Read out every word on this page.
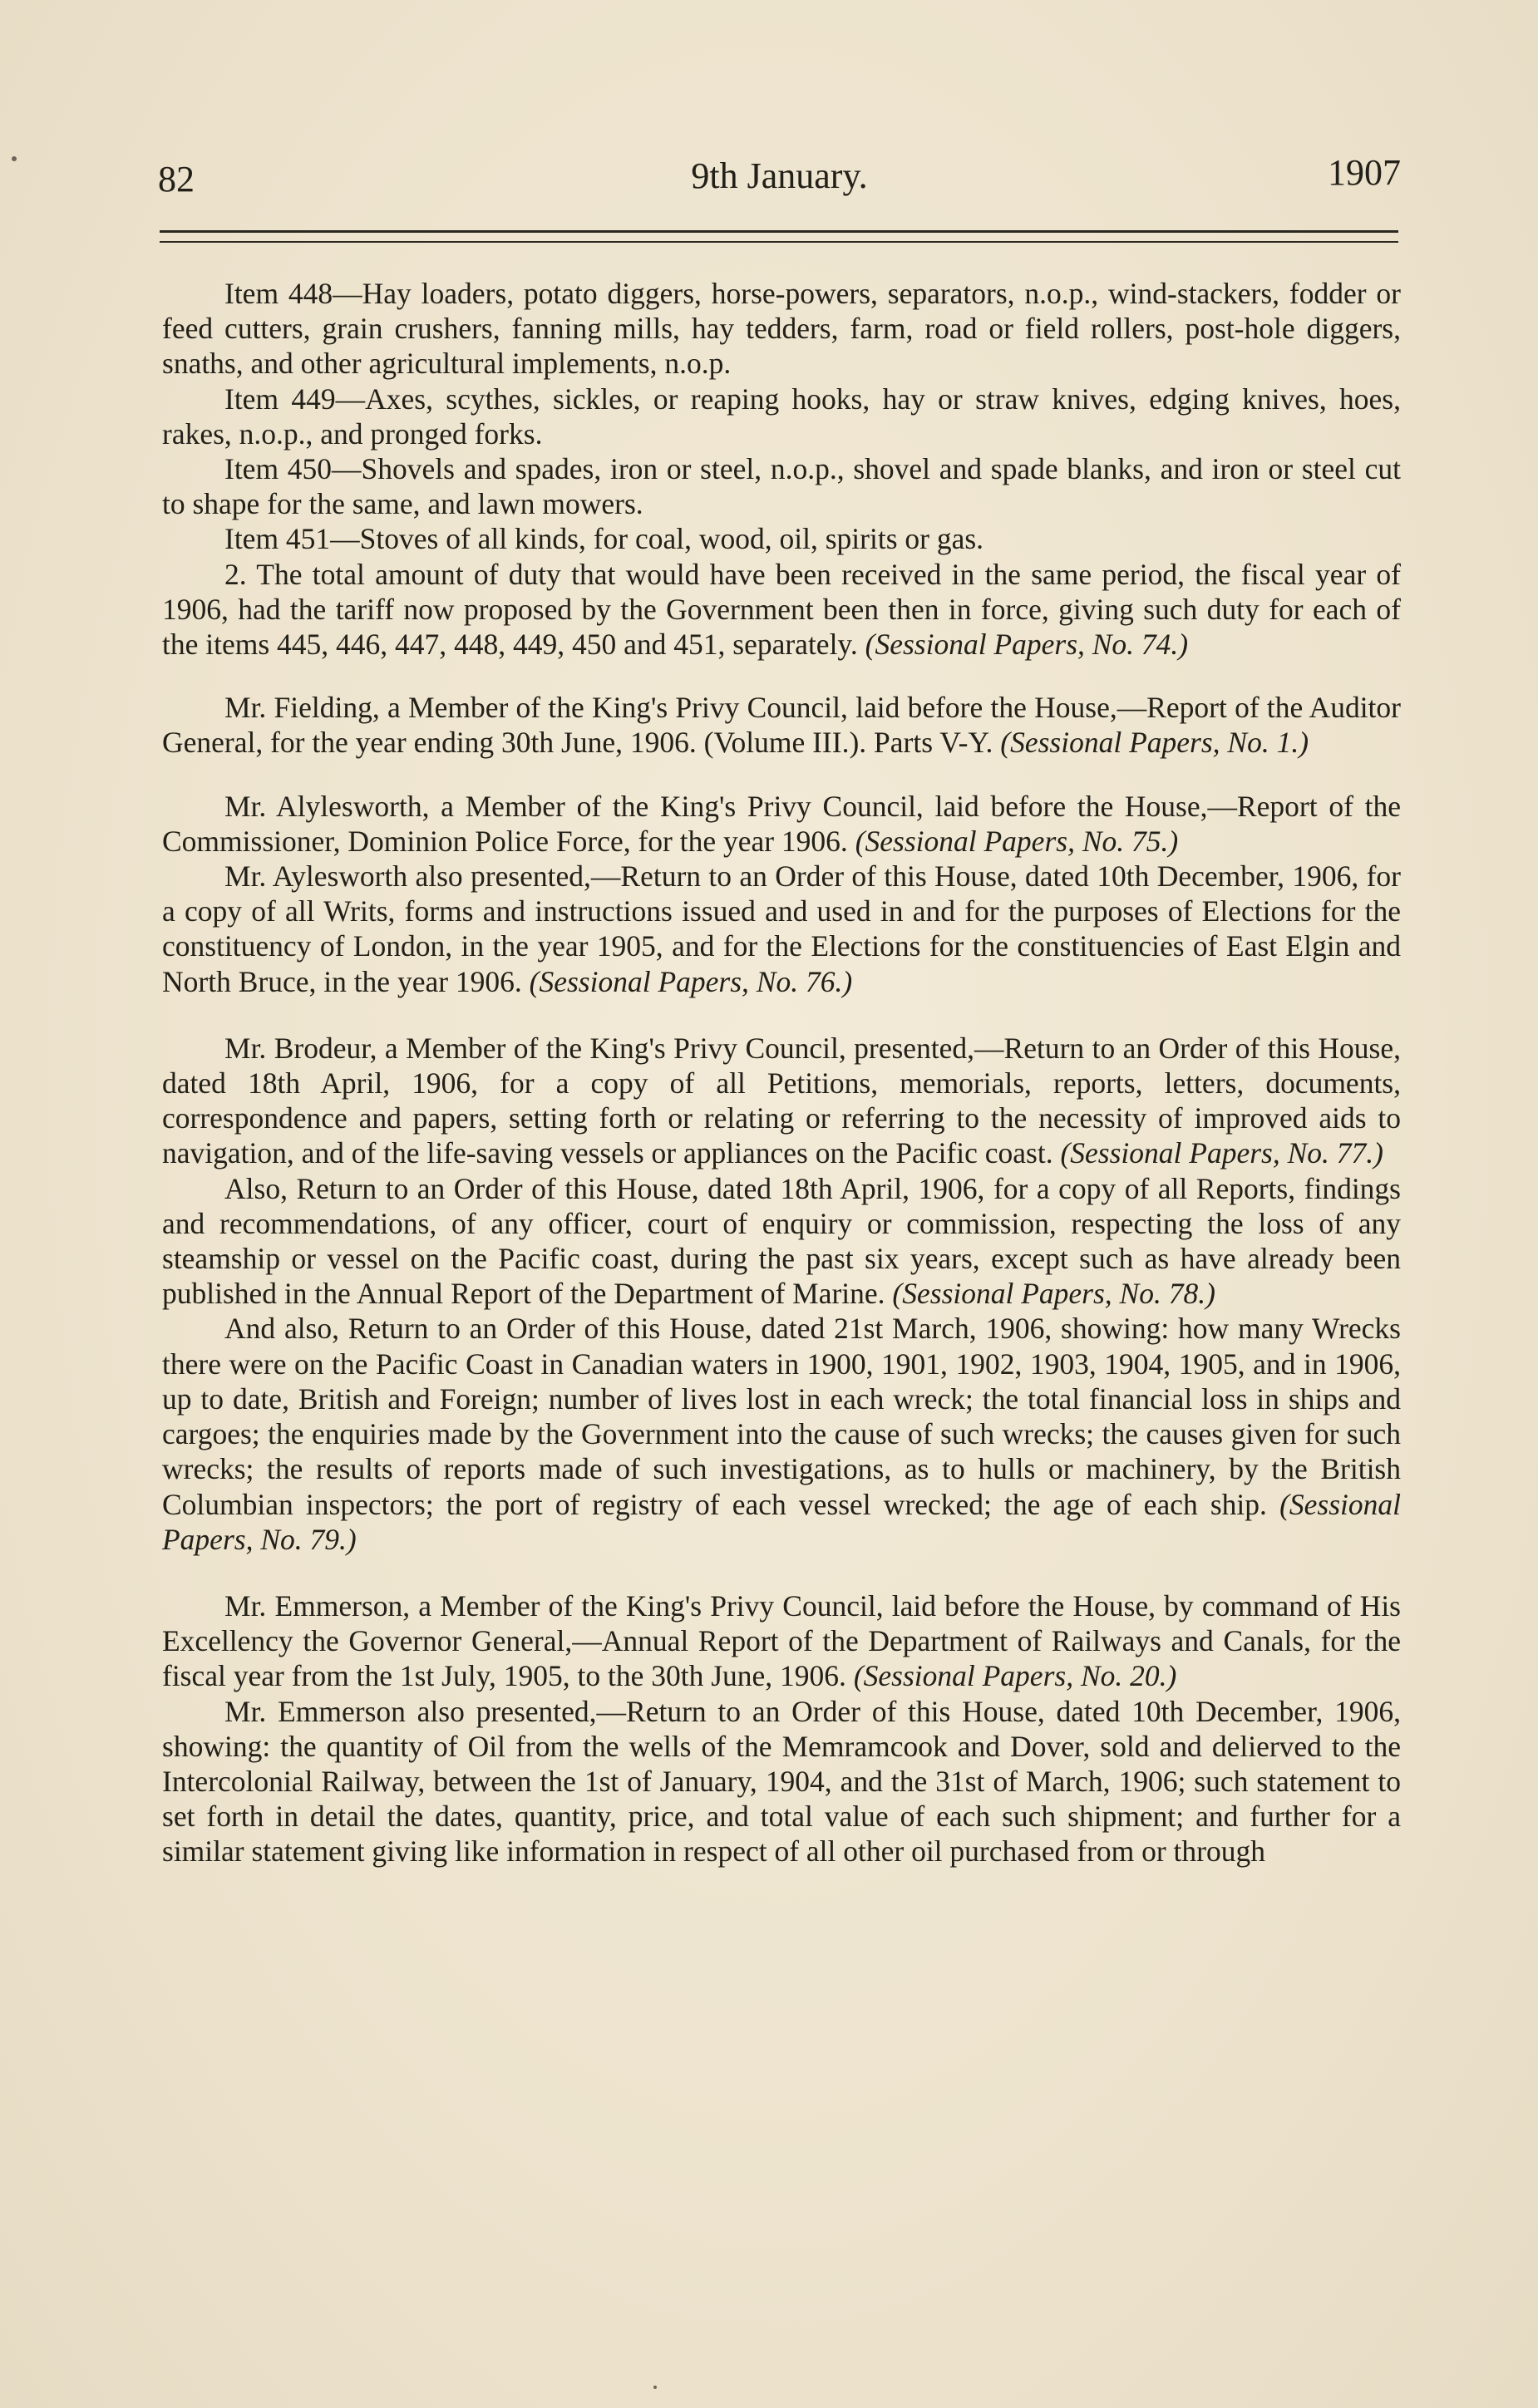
82	9th January.	1907

Item 448—Hay loaders, potato diggers, horse-powers, separators, n.o.p., wind-stackers, fodder or feed cutters, grain crushers, fanning mills, hay tedders, farm, road or field rollers, post-hole diggers, snaths, and other agricultural implements, n.o.p.

Item 449—Axes, scythes, sickles, or reaping hooks, hay or straw knives, edging knives, hoes, rakes, n.o.p., and pronged forks.

Item 450—Shovels and spades, iron or steel, n.o.p., shovel and spade blanks, and iron or steel cut to shape for the same, and lawn mowers.

Item 451—Stoves of all kinds, for coal, wood, oil, spirits or gas.

2. The total amount of duty that would have been received in the same period, the fiscal year of 1906, had the tariff now proposed by the Government been then in force, giving such duty for each of the items 445, 446, 447, 448, 449, 450 and 451, separately. (Sessional Papers, No. 74.)

Mr. Fielding, a Member of the King's Privy Council, laid before the House,—Report of the Auditor General, for the year ending 30th June, 1906. (Volume III.). Parts V-Y. (Sessional Papers, No. 1.)

Mr. Alylesworth, a Member of the King's Privy Council, laid before the House,—Report of the Commissioner, Dominion Police Force, for the year 1906. (Sessional Papers, No. 75.)

Mr. Aylesworth also presented,—Return to an Order of this House, dated 10th December, 1906, for a copy of all Writs, forms and instructions issued and used in and for the purposes of Elections for the constituency of London, in the year 1905, and for the Elections for the constituencies of East Elgin and North Bruce, in the year 1906. (Sessional Papers, No. 76.)

Mr. Brodeur, a Member of the King's Privy Council, presented,—Return to an Order of this House, dated 18th April, 1906, for a copy of all Petitions, memorials, reports, letters, documents, correspondence and papers, setting forth or relating or referring to the necessity of improved aids to navigation, and of the life-saving vessels or appliances on the Pacific coast. (Sessional Papers, No. 77.)

Also, Return to an Order of this House, dated 18th April, 1906, for a copy of all Reports, findings and recommendations, of any officer, court of enquiry or commission, respecting the loss of any steamship or vessel on the Pacific coast, during the past six years, except such as have already been published in the Annual Report of the Department of Marine. (Sessional Papers, No. 78.)

And also, Return to an Order of this House, dated 21st March, 1906, showing: how many Wrecks there were on the Pacific Coast in Canadian waters in 1900, 1901, 1902, 1903, 1904, 1905, and in 1906, up to date, British and Foreign; number of lives lost in each wreck; the total financial loss in ships and cargoes; the enquiries made by the Government into the cause of such wrecks; the causes given for such wrecks; the results of reports made of such investigations, as to hulls or machinery, by the British Columbian inspectors; the port of registry of each vessel wrecked; the age of each ship. (Sessional Papers, No. 79.)

Mr. Emmerson, a Member of the King's Privy Council, laid before the House, by command of His Excellency the Governor General,—Annual Report of the Department of Railways and Canals, for the fiscal year from the 1st July, 1905, to the 30th June, 1906. (Sessional Papers, No. 20.)

Mr. Emmerson also presented,—Return to an Order of this House, dated 10th December, 1906, showing: the quantity of Oil from the wells of the Memramcook and Dover, sold and delierved to the Intercolonial Railway, between the 1st of January, 1904, and the 31st of March, 1906; such statement to set forth in detail the dates, quantity, price, and total value of each such shipment; and further for a similar statement giving like information in respect of all other oil purchased from or through
